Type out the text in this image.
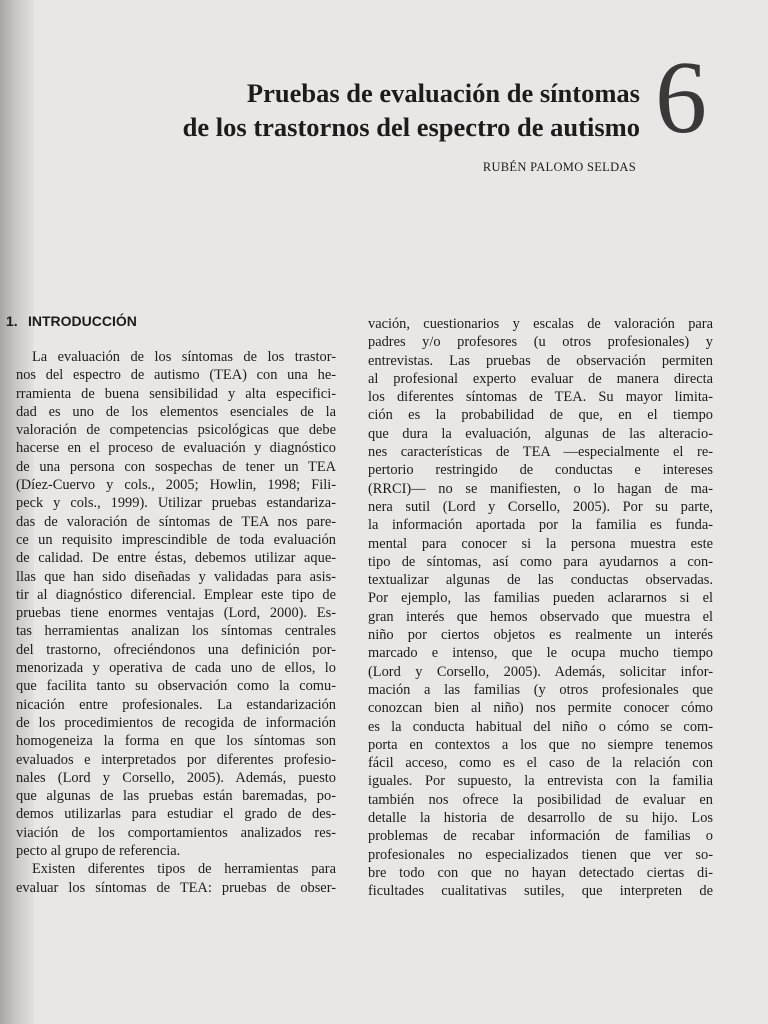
Pruebas de evaluación de síntomas
de los trastornos del espectro de autismo 6

RUBÉN PALOMO SELDAS

1. INTRODUCCIÓN
La evaluación de los síntomas de los trastor-
nos del espectro de autismo (TEA) con una he-
rramienta de buena sensibilidad y alta especifici-
dad es uno de los elementos esenciales de la
valoración de competencias psicológicas que debe
hacerse en el proceso de evaluación y diagnóstico
de una persona con sospechas de tener un TEA
(Díez-Cuervo y cols., 2005; Howlin, 1998; Fili-
peck y cols., 1999). Utilizar pruebas estandariza-
das de valoración de síntomas de TEA nos pare-
ce un requisito imprescindible de toda evaluación
de calidad. De entre éstas, debemos utilizar aque-
llas que han sido diseñadas y validadas para asis-
tir al diagnóstico diferencial. Emplear este tipo de
pruebas tiene enormes ventajas (Lord, 2000). Es-
tas herramientas analizan los síntomas centrales
del trastorno, ofreciéndonos una definición por-
menorizada y operativa de cada uno de ellos, lo
que facilita tanto su observación como la comu-
nicación entre profesionales. La estandarización
de los procedimientos de recogida de información
homogeneiza la forma en que los síntomas son
evaluados e interpretados por diferentes profesio-
nales (Lord y Corsello, 2005). Además, puesto
que algunas de las pruebas están baremadas, po-
demos utilizarlas para estudiar el grado de des-
viación de los comportamientos analizados res-
pecto al grupo de referencia.
Existen diferentes tipos de herramientas para
evaluar los síntomas de TEA: pruebas de obser-
vación, cuestionarios y escalas de valoración para
padres y/o profesores (u otros profesionales) y
entrevistas. Las pruebas de observación permiten
al profesional experto evaluar de manera directa
los diferentes síntomas de TEA. Su mayor limita-
ción es la probabilidad de que, en el tiempo
que dura la evaluación, algunas de las alteracio-
nes características de TEA —especialmente el re-
pertorio restringido de conductas e intereses
(RRCI)— no se manifiesten, o lo hagan de ma-
nera sutil (Lord y Corsello, 2005). Por su parte,
la información aportada por la familia es funda-
mental para conocer si la persona muestra este
tipo de síntomas, así como para ayudarnos a con-
textualizar algunas de las conductas observadas.
Por ejemplo, las familias pueden aclararnos si el
gran interés que hemos observado que muestra el
niño por ciertos objetos es realmente un interés
marcado e intenso, que le ocupa mucho tiempo
(Lord y Corsello, 2005). Además, solicitar infor-
mación a las familias (y otros profesionales que
conozcan bien al niño) nos permite conocer cómo
es la conducta habitual del niño o cómo se com-
porta en contextos a los que no siempre tenemos
fácil acceso, como es el caso de la relación con
iguales. Por supuesto, la entrevista con la familia
también nos ofrece la posibilidad de evaluar en
detalle la historia de desarrollo de su hijo. Los
problemas de recabar información de familias o
profesionales no especializados tienen que ver so-
bre todo con que no hayan detectado ciertas di-
ficultades cualitativas sutiles, que interpreten de
